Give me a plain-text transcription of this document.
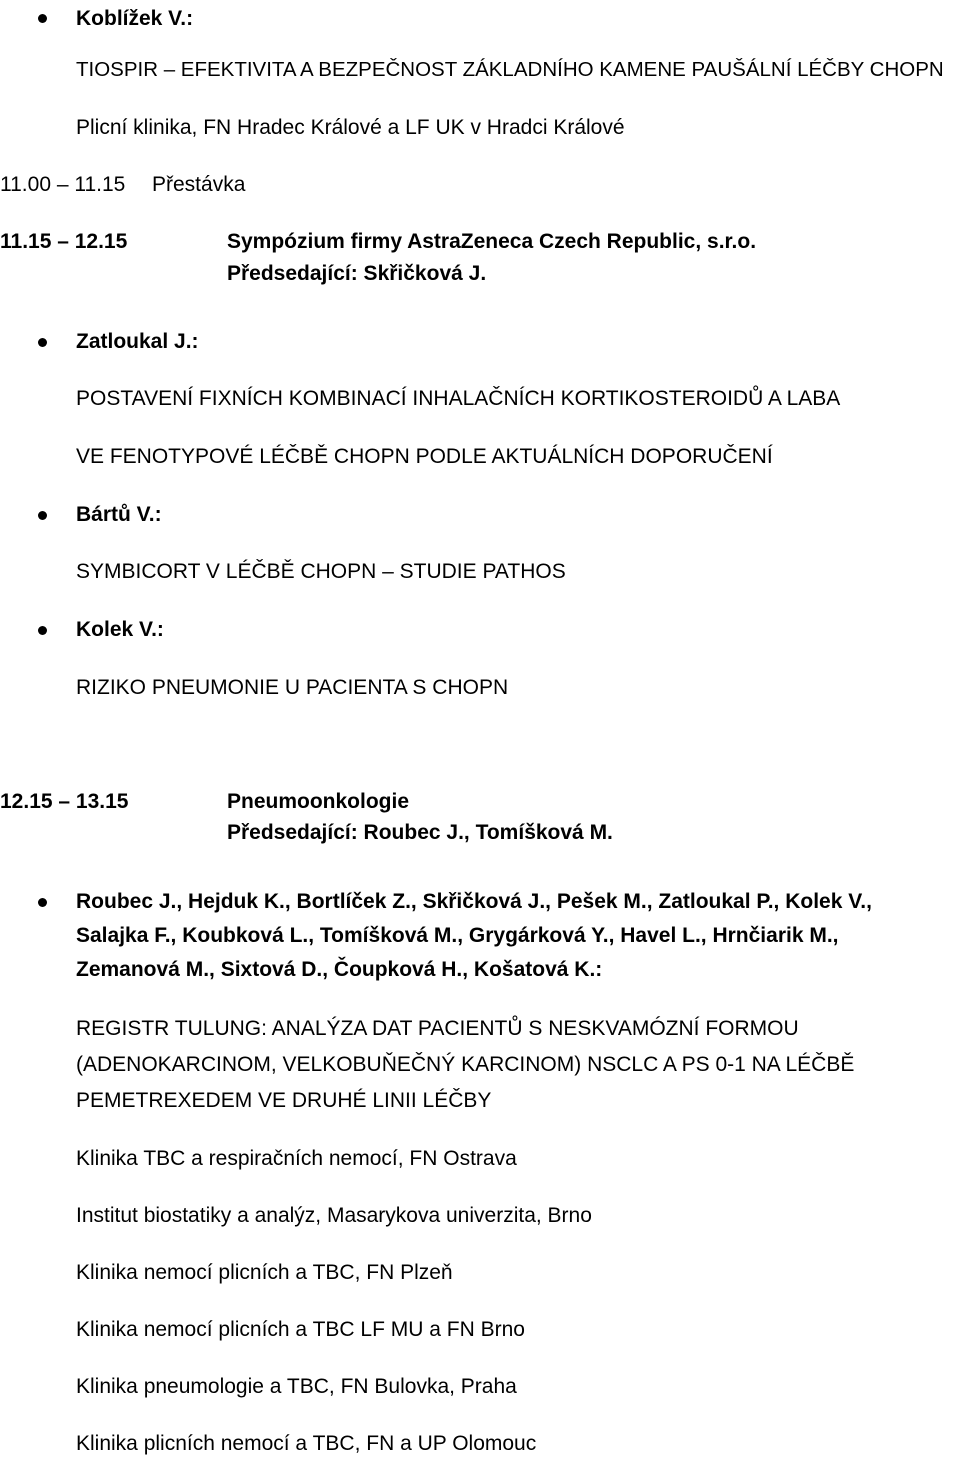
Koblížek V.:
TIOSPIR – EFEKTIVITA A BEZPEČNOST ZÁKLADNÍHO KAMENE PAUŠÁLNÍ LÉČBY CHOPN
Plicní klinika, FN Hradec Králové a LF UK v Hradci Králové
11.00 – 11.15 Přestávka
11.15 – 12.15	Sympózium firmy AstraZeneca Czech Republic, s.r.o.
Předsedající: Skřičková J.
Zatloukal J.:
POSTAVENÍ FIXNÍCH KOMBINACÍ INHALAČNÍCH KORTIKOSTEROIDŮ A LABA
VE FENOTYPOVÉ LÉČBĚ CHOPN PODLE AKTUÁLNÍCH DOPORUČENÍ
Bártů V.:
SYMBICORT V LÉČBĚ CHOPN – STUDIE PATHOS
Kolek V.:
RIZIKO PNEUMONIE U PACIENTA S CHOPN
12.15 – 13.15	Pneumoonkologie
Předsedající: Roubec J., Tomíšková M.
Roubec J., Hejduk K., Bortlíček Z., Skřičková J., Pešek M., Zatloukal P., Kolek V.,
Salajka F., Koubková L., Tomíšková M., Grygárková Y., Havel L., Hrnčiarik M.,
Zemanová M., Sixtová D., Čoupková H., Košatová K.:
REGISTR TULUNG: ANALÝZA DAT PACIENTŮ S NESKVAMÓZNÍ FORMOU
(ADENOKARCINOM, VELKOBUŇEČNÝ KARCINOM) NSCLC A PS 0-1 NA LÉČBĚ
PEMETREXEDEM VE DRUHÉ LINII LÉČBY
Klinika TBC a respiračních nemocí, FN Ostrava
Institut biostatiky a analýz, Masarykova univerzita, Brno
Klinika nemocí plicních a TBC, FN Plzeň
Klinika nemocí plicních a TBC LF MU a FN Brno
Klinika pneumologie a TBC, FN Bulovka, Praha
Klinika plicních nemocí a TBC, FN a UP Olomouc
